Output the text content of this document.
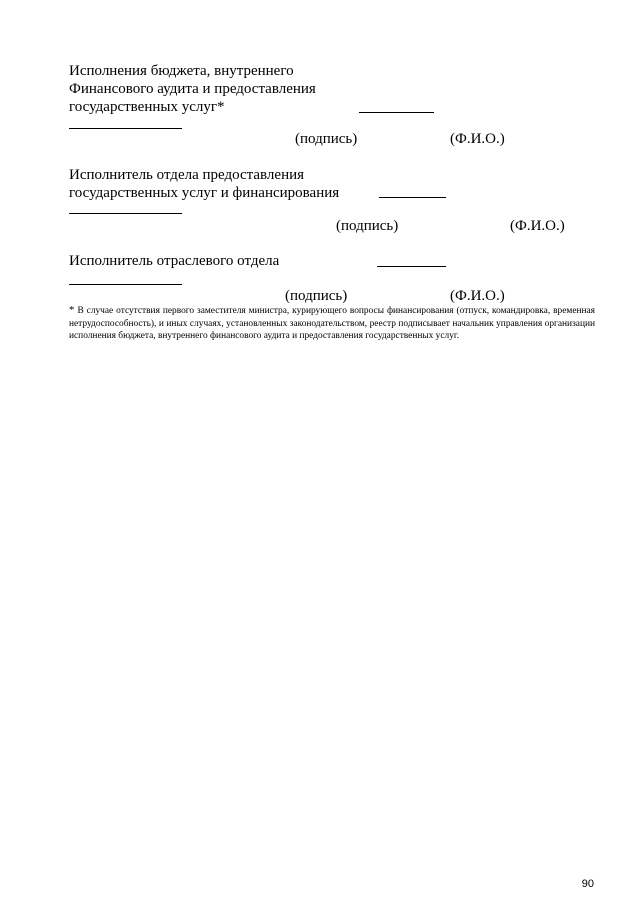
Исполнения бюджета, внутреннего
Финансового аудита и предоставления
государственных услуг*
(подпись)	(Ф.И.О.)
Исполнитель отдела предоставления
государственных услуг и финансирования
(подпись)	(Ф.И.О.)
Исполнитель отраслевого отдела
(подпись)	(Ф.И.О.)
* В случае отсутствия первого заместителя министра, курирующего вопросы финансирования (отпуск, командировка, временная нетрудоспособность), и иных случаях, установленных законодательством, реестр подписывает начальник управления организации исполнения бюджета, внутреннего финансового аудита и предоставления государственных услуг.
90
